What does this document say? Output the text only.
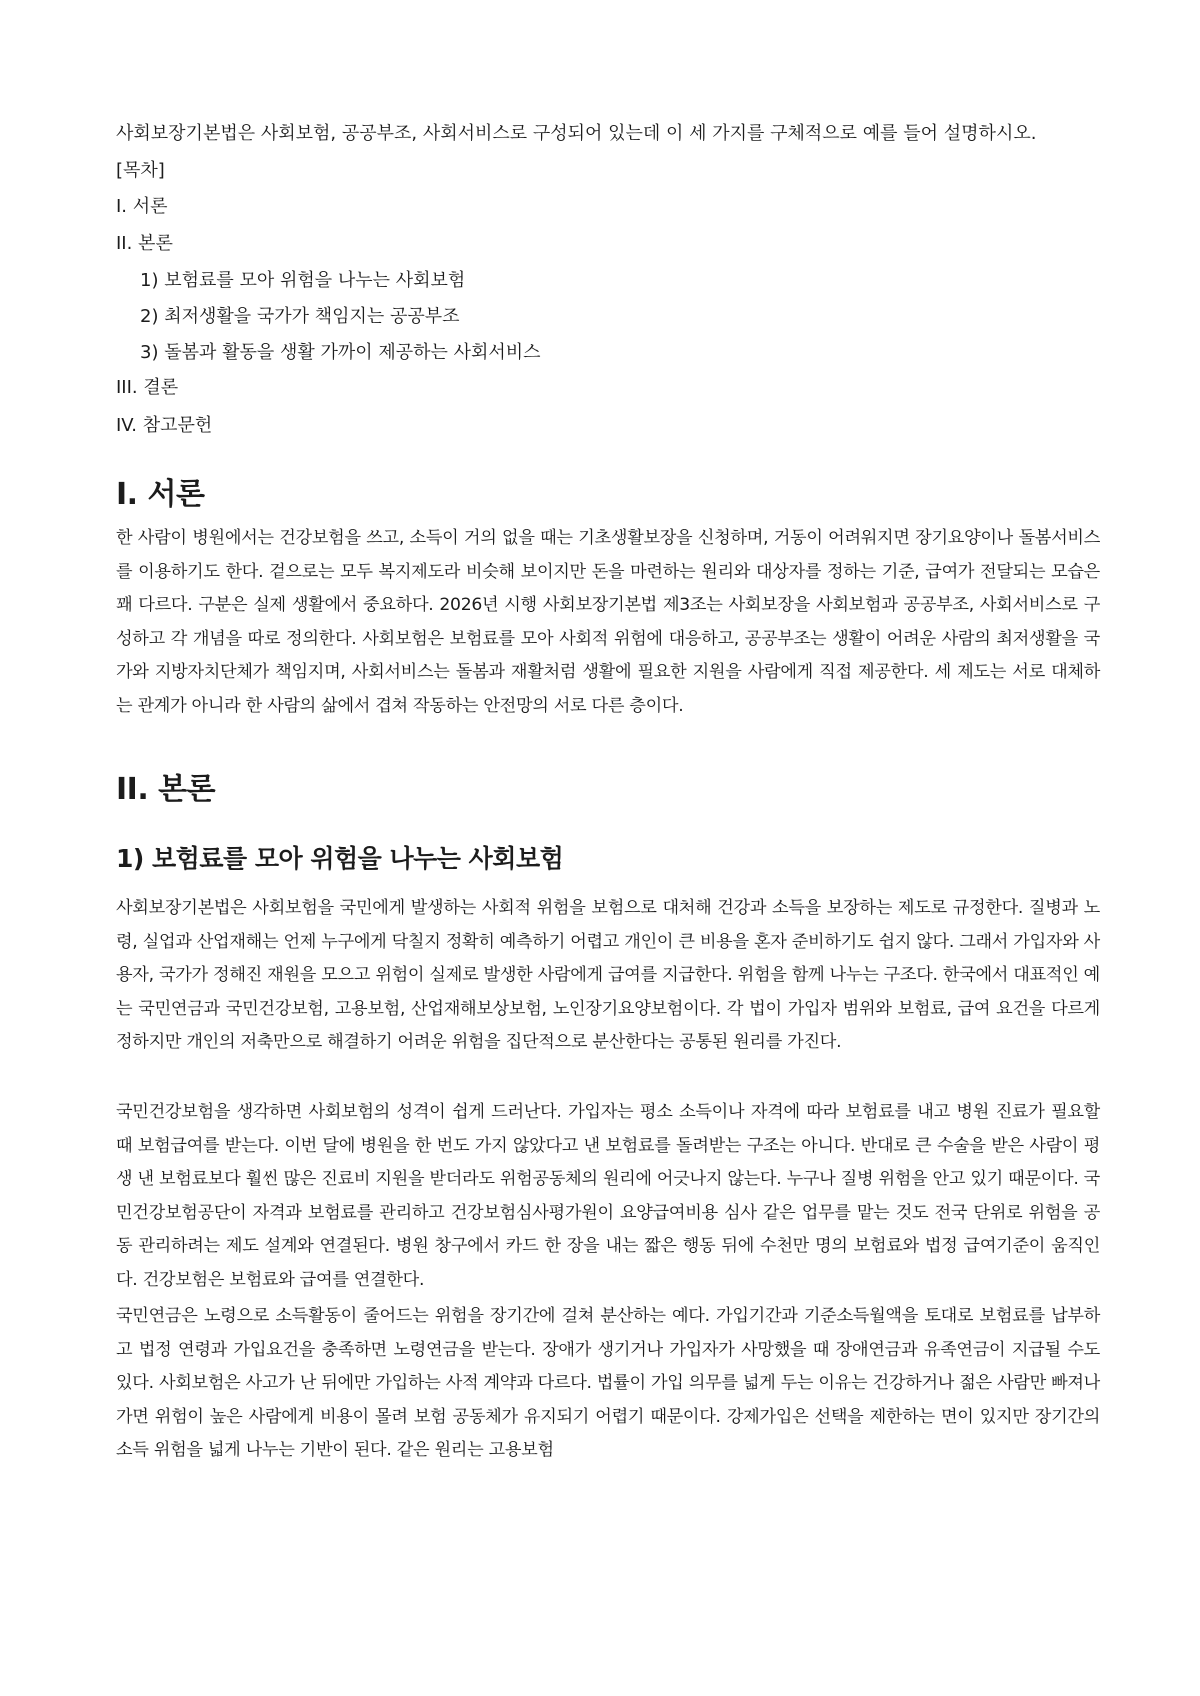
사회보장기본법은 사회보험, 공공부조, 사회서비스로 구성되어 있는데 이 세 가지를 구체적으로 예를 들어 설명하시오.
[목차]
I. 서론
II. 본론
1) 보험료를 모아 위험을 나누는 사회보험
2) 최저생활을 국가가 책임지는 공공부조
3) 돌봄과 활동을 생활 가까이 제공하는 사회서비스
III. 결론
IV. 참고문헌
I. 서론

한 사람이 병원에서는 건강보험을 쓰고, 소득이 거의 없을 때는 기초생활보장을 신청하며, 거동이 어려워지면 장기요양이나 돌봄서비스를 이용하기도 한다. 겉으로는 모두 복지제도라 비슷해 보이지만 돈을 마련하는 원리와 대상자를 정하는 기준, 급여가 전달되는 모습은 꽤 다르다. 구분은 실제 생활에서 중요하다. 2026년 시행 사회보장기본법 제3조는 사회보장을 사회보험과 공공부조, 사회서비스로 구성하고 각 개념을 따로 정의한다. 사회보험은 보험료를 모아 사회적 위험에 대응하고, 공공부조는 생활이 어려운 사람의 최저생활을 국가와 지방자치단체가 책임지며, 사회서비스는 돌봄과 재활처럼 생활에 필요한 지원을 사람에게 직접 제공한다. 세 제도는 서로 대체하는 관계가 아니라 한 사람의 삶에서 겹쳐 작동하는 안전망의 서로 다른 층이다.

II. 본론
1) 보험료를 모아 위험을 나누는 사회보험

사회보장기본법은 사회보험을 국민에게 발생하는 사회적 위험을 보험으로 대처해 건강과 소득을 보장하는 제도로 규정한다. 질병과 노령, 실업과 산업재해는 언제 누구에게 닥칠지 정확히 예측하기 어렵고 개인이 큰 비용을 혼자 준비하기도 쉽지 않다. 그래서 가입자와 사용자, 국가가 정해진 재원을 모으고 위험이 실제로 발생한 사람에게 급여를 지급한다. 위험을 함께 나누는 구조다. 한국에서 대표적인 예는 국민연금과 국민건강보험, 고용보험, 산업재해보상보험, 노인장기요양보험이다. 각 법이 가입자 범위와 보험료, 급여 요건을 다르게 정하지만 개인의 저축만으로 해결하기 어려운 위험을 집단적으로 분산한다는 공통된 원리를 가진다.

국민건강보험을 생각하면 사회보험의 성격이 쉽게 드러난다. 가입자는 평소 소득이나 자격에 따라 보험료를 내고 병원 진료가 필요할 때 보험급여를 받는다. 이번 달에 병원을 한 번도 가지 않았다고 낸 보험료를 돌려받는 구조는 아니다. 반대로 큰 수술을 받은 사람이 평생 낸 보험료보다 훨씬 많은 진료비 지원을 받더라도 위험공동체의 원리에 어긋나지 않는다. 누구나 질병 위험을 안고 있기 때문이다. 국민건강보험공단이 자격과 보험료를 관리하고 건강보험심사평가원이 요양급여비용 심사 같은 업무를 맡는 것도 전국 단위로 위험을 공동 관리하려는 제도 설계와 연결된다. 병원 창구에서 카드 한 장을 내는 짧은 행동 뒤에 수천만 명의 보험료와 법정 급여기준이 움직인다. 건강보험은 보험료와 급여를 연결한다.

국민연금은 노령으로 소득활동이 줄어드는 위험을 장기간에 걸쳐 분산하는 예다. 가입기간과 기준소득월액을 토대로 보험료를 납부하고 법정 연령과 가입요건을 충족하면 노령연금을 받는다. 장애가 생기거나 가입자가 사망했을 때 장애연금과 유족연금이 지급될 수도 있다. 사회보험은 사고가 난 뒤에만 가입하는 사적 계약과 다르다. 법률이 가입 의무를 넓게 두는 이유는 건강하거나 젊은 사람만 빠져나가면 위험이 높은 사람에게 비용이 몰려 보험 공동체가 유지되기 어렵기 때문이다. 강제가입은 선택을 제한하는 면이 있지만 장기간의 소득 위험을 넓게 나누는 기반이 된다. 같은 원리는 고용보험
